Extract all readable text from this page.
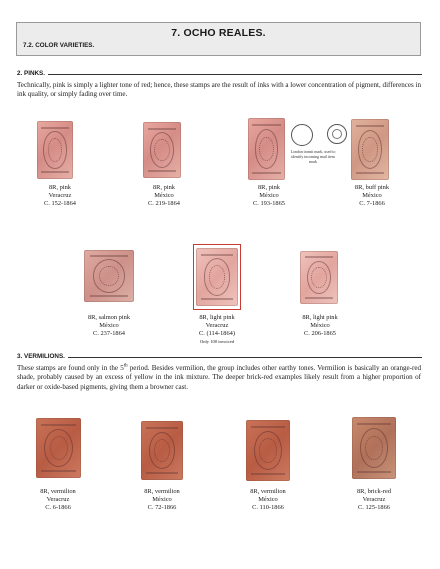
7. OCHO REALES.
7.2. COLOR VARIETIES.
2. PINKS.
Technically, pink is simply a lighter tone of red; hence, these stamps are the result of inks with a lower concentration of pigment, differences in ink quality, or simply fading over time.
London transit mark, used to identify incoming mail item mark
8R, pink
Veracruz
C. 152-1864
8R, pink
México
C. 219-1864
8R, pink
México
C. 193-1865
8R, buff pink
México
C. 7-1866
8R, salmon pink
México
C. 237-1864
8R, light pink
Veracruz
C. (114-1864)
Only 100 invoiced
8R, light pink
México
C. 206-1865
3. VERMILIONS.
These stamps are found only in the 5th period. Besides vermilion, the group includes other earthy tones. Vermilion is basically an orange-red shade, probably caused by an excess of yellow in the ink mixture. The deeper brick-red examples likely result from a higher proportion of darker or oxide-based pigments, giving them a browner cast.
8R, vermilion
Veracruz
C. 6-1866
8R, vermilion
México
C. 72-1866
8R, vermilion
México
C. 110-1866
8R, brick-red
Veracruz
C. 125-1866
